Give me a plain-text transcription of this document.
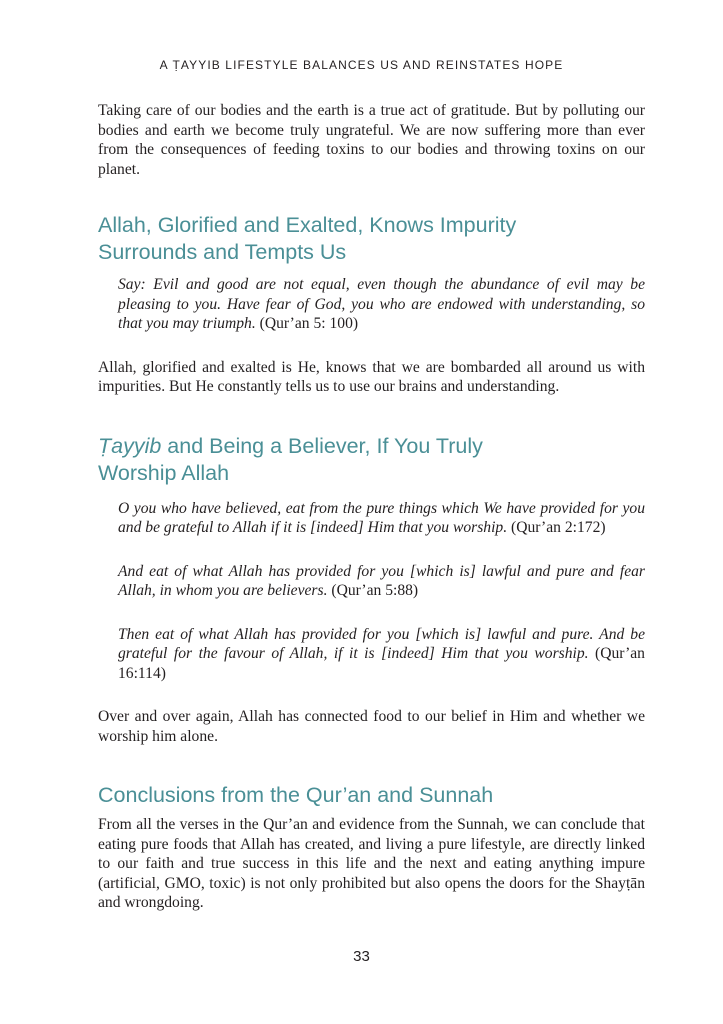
A ṬAYYIB LIFESTYLE BALANCES US AND REINSTATES HOPE

Taking care of our bodies and the earth is a true act of gratitude. But by polluting our bodies and earth we become truly ungrateful. We are now suffering more than ever from the consequences of feeding toxins to our bodies and throwing toxins on our planet.

Allah, Glorified and Exalted, Knows Impurity Surrounds and Tempts Us
Say: Evil and good are not equal, even though the abundance of evil may be pleasing to you. Have fear of God, you who are endowed with understanding, so that you may triumph. (Qur’an 5: 100)

Allah, glorified and exalted is He, knows that we are bombarded all around us with impurities. But He constantly tells us to use our brains and understanding.

Ṭayyib and Being a Believer, If You Truly Worship Allah
O you who have believed, eat from the pure things which We have provided for you and be grateful to Allah if it is [indeed] Him that you worship. (Qur’an 2:172)
And eat of what Allah has provided for you [which is] lawful and pure and fear Allah, in whom you are believers. (Qur’an 5:88)
Then eat of what Allah has provided for you [which is] lawful and pure. And be grateful for the favour of Allah, if it is [indeed] Him that you worship. (Qur’an 16:114)

Over and over again, Allah has connected food to our belief in Him and whether we worship him alone.

Conclusions from the Qur’an and Sunnah

From all the verses in the Qur’an and evidence from the Sunnah, we can conclude that eating pure foods that Allah has created, and living a pure lifestyle, are directly linked to our faith and true success in this life and the next and eating anything impure (artificial, GMO, toxic) is not only prohibited but also opens the doors for the Shayṭān and wrongdoing.

33
